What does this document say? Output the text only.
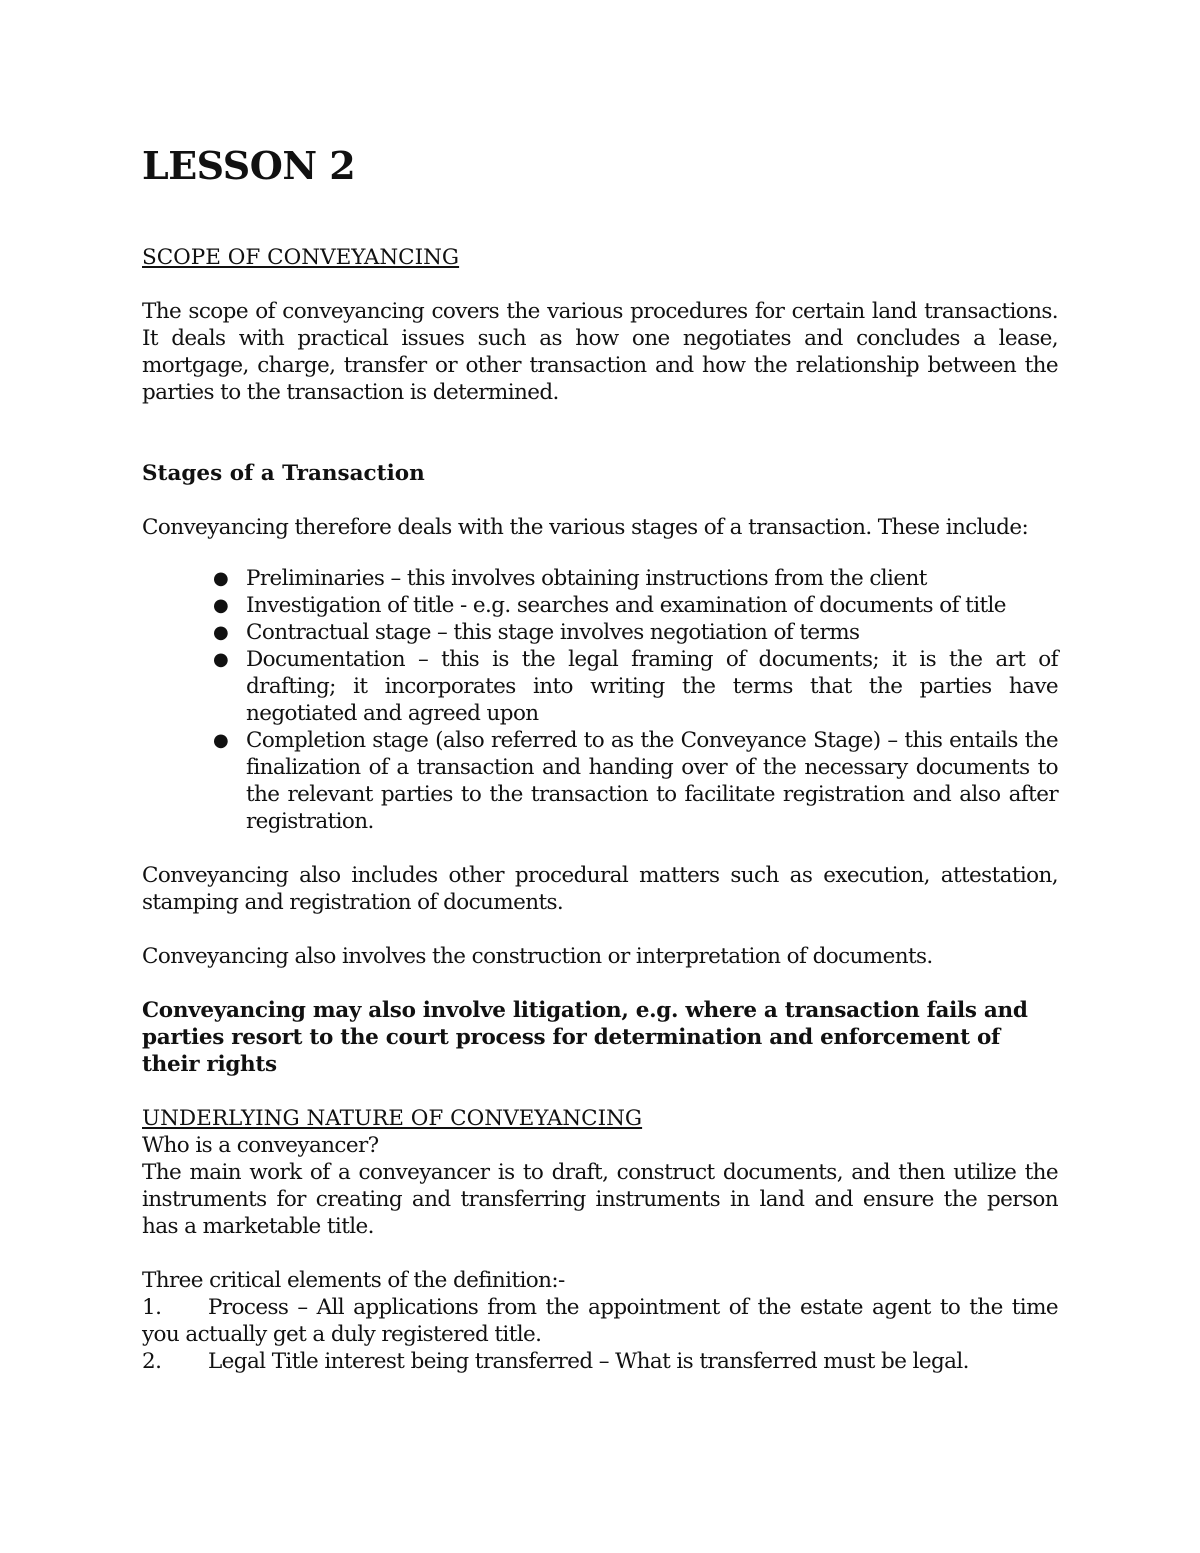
LESSON 2
SCOPE OF CONVEYANCING

The scope of conveyancing covers the various procedures for certain land transactions. It deals with practical issues such as how one negotiates and concludes a lease, mortgage, charge, transfer or other transaction and how the relationship between the parties to the transaction is determined.

Stages of a Transaction

Conveyancing therefore deals with the various stages of a transaction. These include:

● Preliminaries – this involves obtaining instructions from the client
● Investigation of title - e.g. searches and examination of documents of title
● Contractual stage – this stage involves negotiation of terms
● Documentation – this is the legal framing of documents; it is the art of drafting; it incorporates into writing the terms that the parties have negotiated and agreed upon
● Completion stage (also referred to as the Conveyance Stage) – this entails the finalization of a transaction and handing over of the necessary documents to the relevant parties to the transaction to facilitate registration and also after registration.

Conveyancing also includes other procedural matters such as execution, attestation, stamping and registration of documents.

Conveyancing also involves the construction or interpretation of documents.

Conveyancing may also involve litigation, e.g. where a transaction fails and parties resort to the court process for determination and enforcement of their rights

UNDERLYING NATURE OF CONVEYANCING

Who is a conveyancer?

The main work of a conveyancer is to draft, construct documents, and then utilize the instruments for creating and transferring instruments in land and ensure the person has a marketable title.

Three critical elements of the definition:-

1. Process – All applications from the appointment of the estate agent to the time you actually get a duly registered title.
2. Legal Title interest being transferred – What is transferred must be legal.
